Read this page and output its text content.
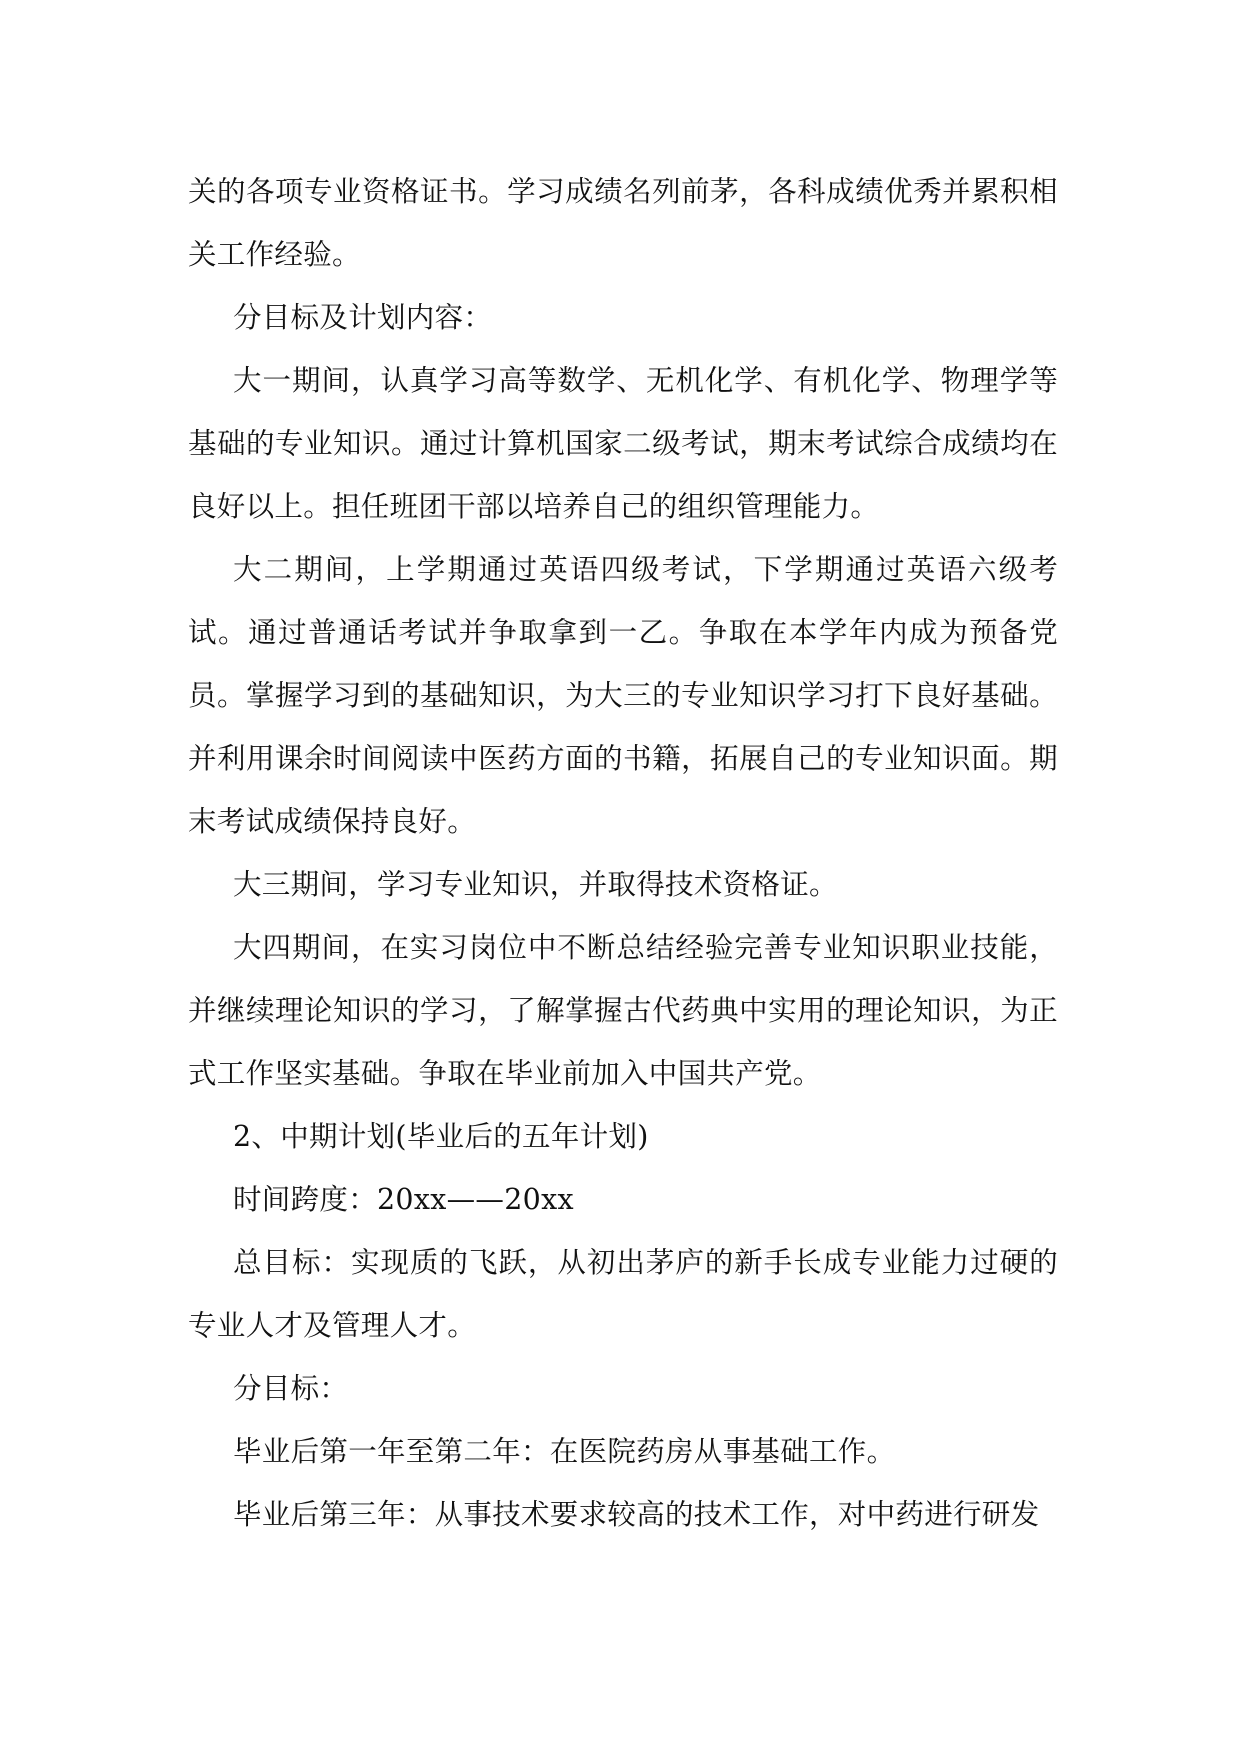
关的各项专业资格证书。学习成绩名列前茅，各科成绩优秀并累积相关工作经验。

分目标及计划内容：

大一期间，认真学习高等数学、无机化学、有机化学、物理学等基础的专业知识。通过计算机国家二级考试，期末考试综合成绩均在良好以上。担任班团干部以培养自己的组织管理能力。

大二期间，上学期通过英语四级考试，下学期通过英语六级考试。通过普通话考试并争取拿到一乙。争取在本学年内成为预备党员。掌握学习到的基础知识，为大三的专业知识学习打下良好基础。并利用课余时间阅读中医药方面的书籍，拓展自己的专业知识面。期末考试成绩保持良好。

大三期间，学习专业知识，并取得技术资格证。

大四期间，在实习岗位中不断总结经验完善专业知识职业技能，并继续理论知识的学习，了解掌握古代药典中实用的理论知识，为正式工作坚实基础。争取在毕业前加入中国共产党。

2、中期计划(毕业后的五年计划)

时间跨度：20xx——20xx

总目标：实现质的飞跃，从初出茅庐的新手长成专业能力过硬的专业人才及管理人才。

分目标：

毕业后第一年至第二年：在医院药房从事基础工作。

毕业后第三年：从事技术要求较高的技术工作，对中药进行研发
